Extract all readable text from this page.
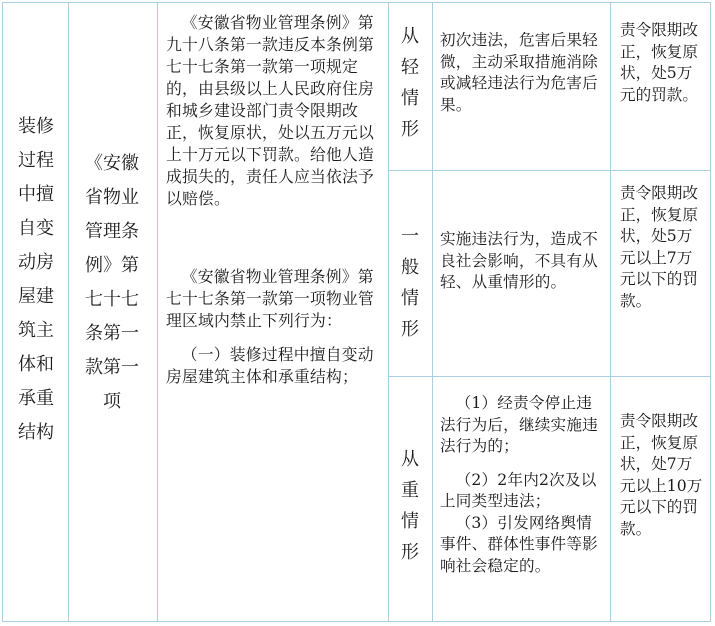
装修
过程
中擅
自变
动房
屋建
筑主
体和
承重
结构
《安徽
省物业
管理条
例》第
七十七
条第一
款第一
项
《安徽省物业管理条例》第九十八条第一款违反本条例第七十七条第一款第一项规定的，由县级以上人民政府住房和城乡建设部门责令限期改正，恢复原状，处以五万元以上十万元以下罚款。给他人造成损失的，责任人应当依法予以赔偿。
《安徽省物业管理条例》第七十七条第一款第一项物业管理区域内禁止下列行为：
（一）装修过程中擅自变动房屋建筑主体和承重结构；
从
轻
情
形
一
般
情
形
从
重
情
形
初次违法，危害后果轻微，主动采取措施消除或减轻违法行为危害后果。
实施违法行为，造成不良社会影响，不具有从轻、从重情形的。
（1）经责令停止违法行为后，继续实施违法行为的；
（2）2年内2次及以上同类型违法；
（3）引发网络舆情事件、群体性事件等影响社会稳定的。
责令限期改正，恢复原状，处5万元的罚款。
责令限期改正，恢复原状，处5万元以上7万元以下的罚款。
责令限期改正，恢复原状，处7万元以上10万元以下的罚款。
